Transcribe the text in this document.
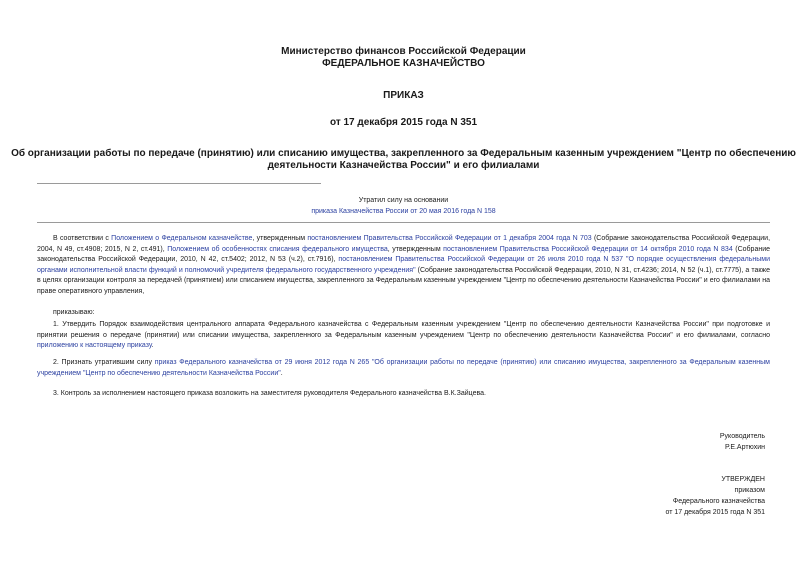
Министерство финансов Российской Федерации
ФЕДЕРАЛЬНОЕ КАЗНАЧЕЙСТВО
ПРИКАЗ
от 17 декабря 2015 года N 351
Об организации работы по передаче (принятию) или списанию имущества, закрепленного за Федеральным казенным учреждением "Центр по обеспечению
деятельности Казначейства России" и его филиалами
Утратил силу на основании
приказа Казначейства России от 20 мая 2016 года N 158
В соответствии с Положением о Федеральном казначействе, утвержденным постановлением Правительства Российской Федерации от 1 декабря 2004 года N 703 (Собрание законодательства Российской Федерации, 2004, N 49, ст.4908; 2015, N 2, ст.491), Положением об особенностях списания федерального имущества, утвержденным постановлением Правительства Российской Федерации от 14 октября 2010 года N 834 (Собрание законодательства Российской Федерации, 2010, N 42, ст.5402; 2012, N 53 (ч.2), ст.7916), постановлением Правительства Российской Федерации от 26 июля 2010 года N 537 "О порядке осуществления федеральными органами исполнительной власти функций и полномочий учредителя федерального государственного учреждения" (Собрание законодательства Российской Федерации, 2010, N 31, ст.4236; 2014, N 52 (ч.1), ст.7775), а также в целях организации контроля за передачей (принятием) или списанием имущества, закрепленного за Федеральным казенным учреждением "Центр по обеспечению деятельности Казначейства России" и его филиалами на праве оперативного управления,
приказываю:
1. Утвердить Порядок взаимодействия центрального аппарата Федерального казначейства с Федеральным казенным учреждением "Центр по обеспечению деятельности Казначейства России" при подготовке и принятии решения о передаче (принятии) или списании имущества, закрепленного за Федеральным казенным учреждением "Центр по обеспечению деятельности Казначейства России" и его филиалами, согласно приложению к настоящему приказу.
2. Признать утратившим силу приказ Федерального казначейства от 29 июня 2012 года N 265 "Об организации работы по передаче (принятию) или списанию имущества, закрепленного за Федеральным казенным учреждением "Центр по обеспечению деятельности Казначейства России".
3. Контроль за исполнением настоящего приказа возложить на заместителя руководителя Федерального казначейства В.К.Зайцева.
Руководитель
Р.Е.Артюхин
УТВЕРЖДЕН
приказом
Федерального казначейства
от 17 декабря 2015 года N 351
